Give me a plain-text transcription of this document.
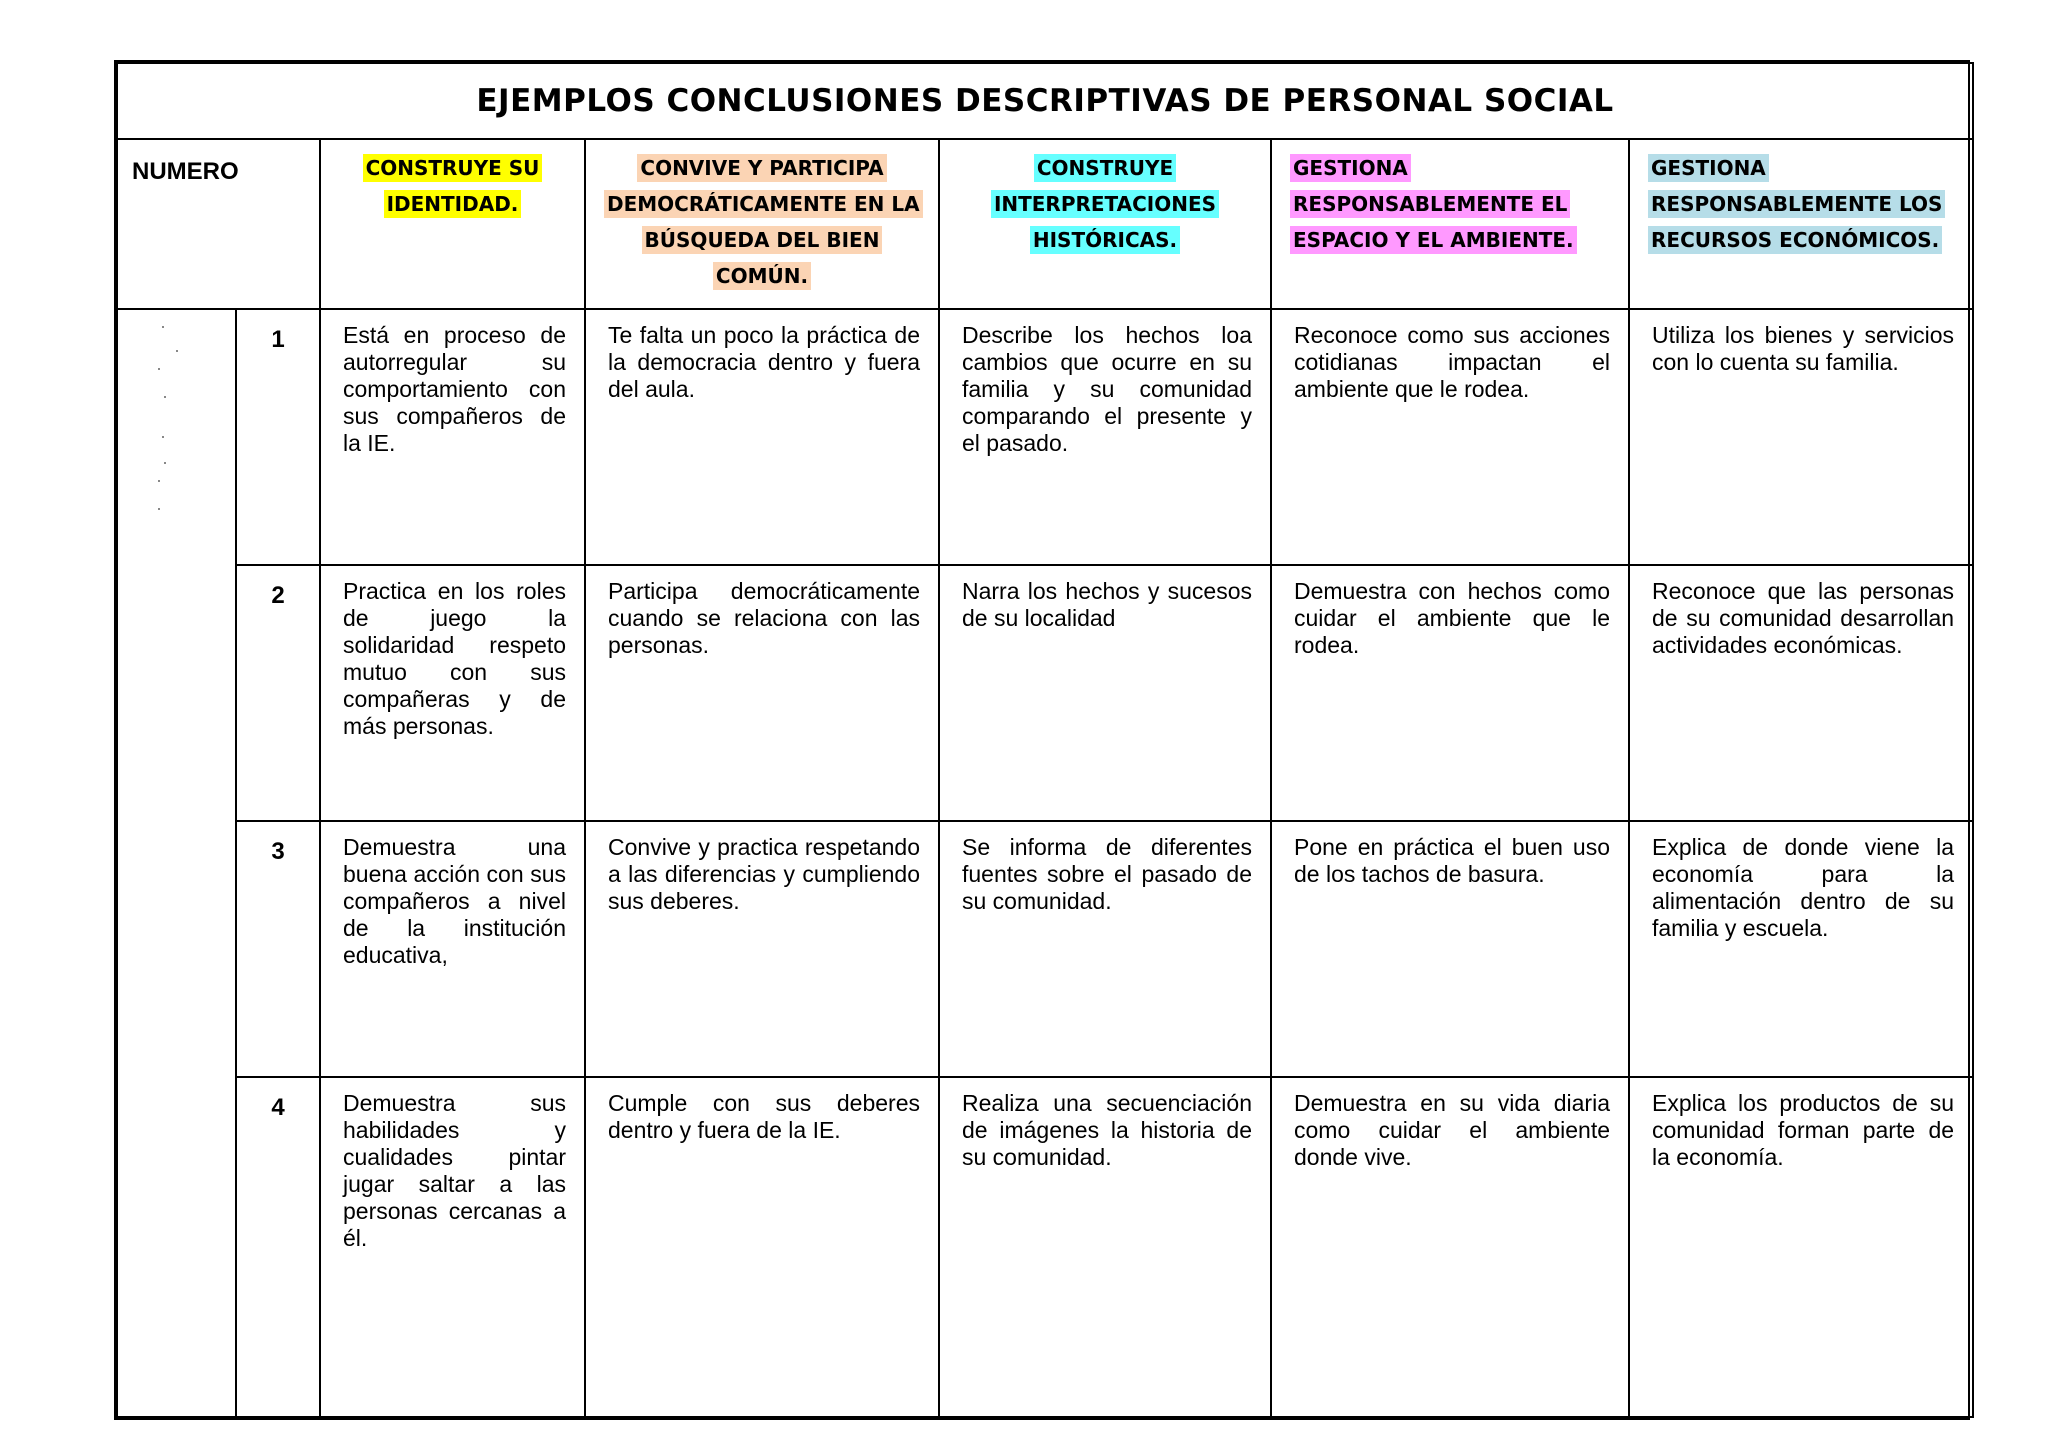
EJEMPLOS CONCLUSIONES DESCRIPTIVAS DE PERSONAL SOCIAL						
NUMERO		CONSTRUYE SU IDENTIDAD.	CONVIVE Y PARTICIPA DEMOCRÁTICAMENTE EN LA BÚSQUEDA DEL BIEN COMÚN.	CONSTRUYE INTERPRETACIONES HISTÓRICAS.	GESTIONA RESPONSABLEMENTE EL ESPACIO Y EL AMBIENTE.	GESTIONA RESPONSABLEMENTE LOS RECURSOS ECONÓMICOS.

	1	Está en proceso de autorregular su comportamiento con sus compañeros de la IE.	Te falta un poco la práctica de la democracia dentro y fuera del aula.	Describe los hechos loa cambios que ocurre en su familia y su comunidad comparando el presente y el pasado.	Reconoce como sus acciones cotidianas impactan el ambiente que le rodea.	Utiliza los bienes y servicios con lo cuenta su familia.
	2	Practica en los roles de juego la solidaridad respeto mutuo con sus compañeras y de más personas.	Participa democráticamente cuando se relaciona con las personas.	Narra los hechos y sucesos de su localidad	Demuestra con hechos como cuidar el ambiente que le rodea.	Reconoce que las personas de su comunidad desarrollan actividades económicas.
	3	Demuestra una buena acción con sus compañeros a nivel de la institución educativa,	Convive y practica respetando a las diferencias y cumpliendo sus deberes.	Se informa de diferentes fuentes sobre el pasado de su comunidad.	Pone en práctica el buen uso de los tachos de basura.	Explica de donde viene la economía para la alimentación dentro de su familia y escuela.
	4	Demuestra sus habilidades y cualidades pintar jugar saltar a las personas cercanas a él.	Cumple con sus deberes dentro y fuera de la IE.	Realiza una secuenciación de imágenes la historia de su comunidad.	Demuestra en su vida diaria como cuidar el ambiente donde vive.	Explica los productos de su comunidad forman parte de la economía.
